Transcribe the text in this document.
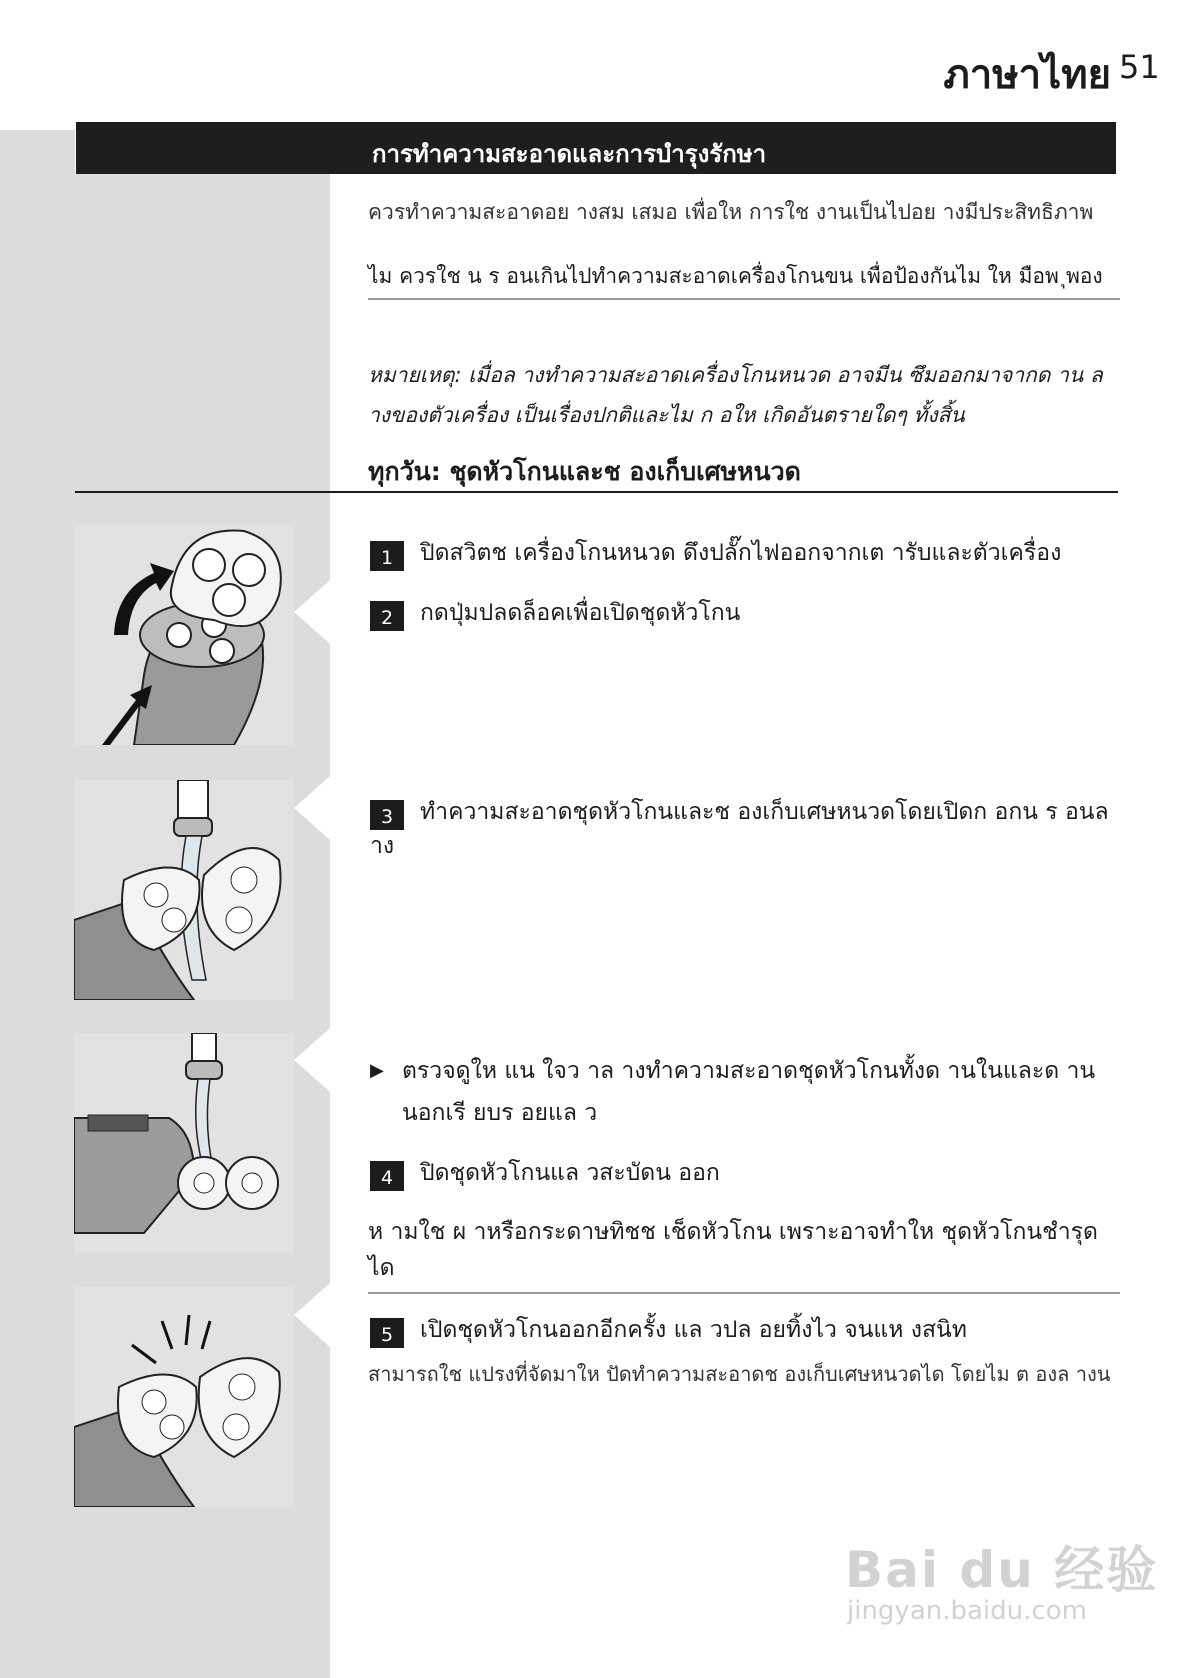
ภาษาไทย 51
การทำความสะอาดและการบำรุงรักษา
ควรทำความสะอาดอย างสม เสมอ เพื่อให การใช งานเป็นไปอย างมีประสิทธิภาพ
ไม ควรใช น ร อนเกินไปทำความสะอาดเครื่องโกนขน เพื่อป้องกันไม ให มือพ ุพอง
หมายเหตุ: เมื่อล างทำความสะอาดเครื่องโกนหนวด อาจมีน ซึมออกมาจากด าน ล างของตัวเครื่อง เป็นเรื่องปกติและไม ก อให เกิดอันตรายใดๆ ทั้งสิ้น
ทุกวัน: ชุดหัวโกนและช องเก็บเศษหนวด
1 ปิดสวิตช เครื่องโกนหนวด ดึงปลั๊กไฟออกจากเต ารับและตัวเครื่อง
2 กดปุ่มปลดล็อคเพื่อเปิดชุดหัวโกน
3 ทำความสะอาดชุดหัวโกนและช องเก็บเศษหนวดโดยเปิดก อกน ร อนล าง
▶ ตรวจดูให แน ใจว าล างทำความสะอาดชุดหัวโกนทั้งด านในและด านนอกเรี ยบร อยแล ว
4 ปิดชุดหัวโกนแล วสะบัดน ออก
ห ามใช ผ าหรือกระดาษทิชช เช็ดหัวโกน เพราะอาจทำให ชุดหัวโกนชำรุดได
5 เปิดชุดหัวโกนออกอีกครั้ง แล วปล อยทิ้งไว จนแห งสนิท
สามารถใช แปรงที่จัดมาให ปัดทำความสะอาดช องเก็บเศษหนวดได โดยไม ต องล างน
Bai du 经验
jingyan.baidu.com
